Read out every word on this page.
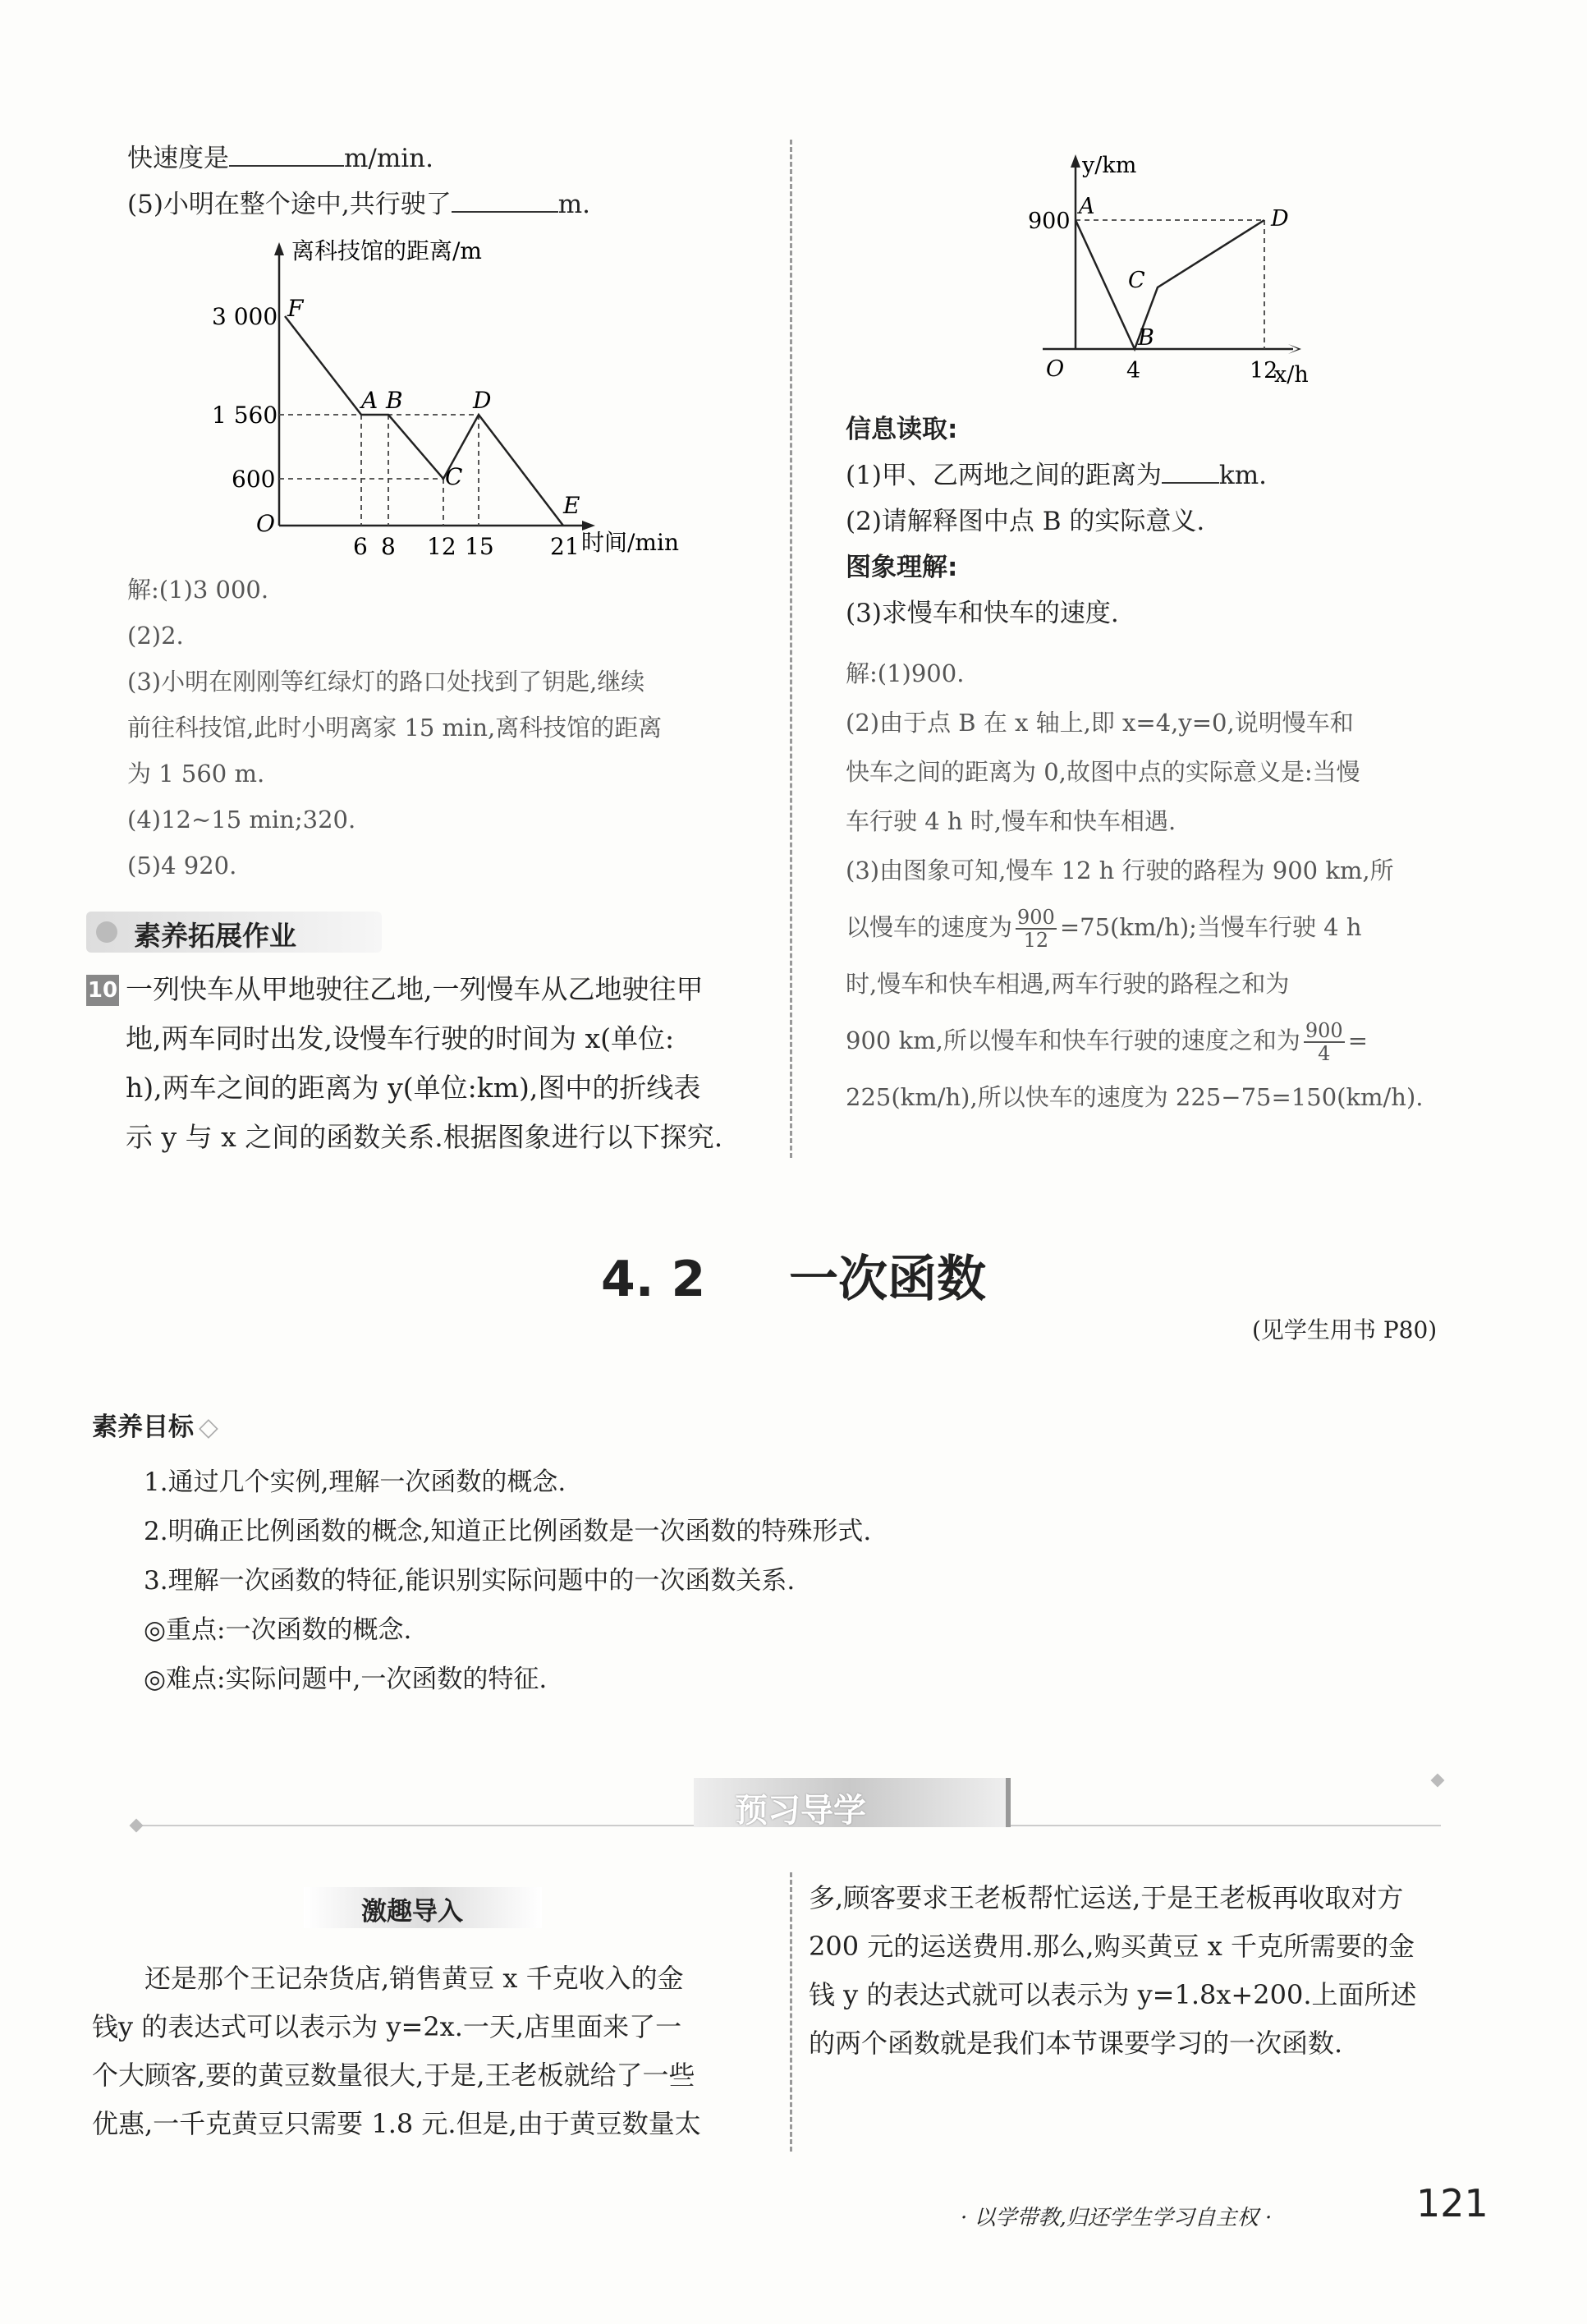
快速度是	m/min.
(5)小明在整个途中,共行驶了	m.
离科技馆的距离/m
时间/min
O
3 000
1 560
600
6 8 12 15 21
F
A B
C
D
E
解:(1)3 000.
(2)2.
(3)小明在刚刚等红绿灯的路口处找到了钥匙,继续
前往科技馆,此时小明离家 15 min,离科技馆的距离
为 1 560 m.
(4)12~15 min;320.
(5)4 920.
素养拓展作业
10 一列快车从甲地驶往乙地,一列慢车从乙地驶往甲
地,两车同时出发,设慢车行驶的时间为 x(单位:
h),两车之间的距离为 y(单位:km),图中的折线表
示 y 与 x 之间的函数关系.根据图象进行以下探究.
y/km
x/h
O
900
4	12
A
B
C
D
信息读取:
(1)甲、乙两地之间的距离为 km.
(2)请解释图中点 B 的实际意义.
图象理解:
(3)求慢车和快车的速度.
解:(1)900.
(2)由于点 B 在 x 轴上,即 x=4,y=0,说明慢车和
快车之间的距离为 0,故图中点的实际意义是:当慢
车行驶 4 h 时,慢车和快车相遇.
(3)由图象可知,慢车 12 h 行驶的路程为 900 km,所
以慢车的速度为 $\frac{900}{12} =75(km/h)$;当慢车行驶 4 h
时,慢车和快车相遇,两车行驶的路程之和为
900 km,所以慢车和快车行驶的速度之和为 $\frac{900}{4}$ =
225(km/h),所以快车的速度为 225−75=150(km/h).
4. 2 一次函数
(见学生用书 P80)
素养目标 ◇
1.通过几个实例,理解一次函数的概念.
2.明确正比例函数的概念,知道正比例函数是一次函数的特殊形式.
3.理解一次函数的特征,能识别实际问题中的一次函数关系.
◎重点:一次函数的概念.
◎难点:实际问题中,一次函数的特征.
预习导学
激趣导入
还是那个王记杂货店,销售黄豆 x 千克收入的金
钱y 的表达式可以表示为 y=2x.一天,店里面来了一
个大顾客,要的黄豆数量很大,于是,王老板就给了一些
优惠,一千克黄豆只需要 1.8 元.但是,由于黄豆数量太
多,顾客要求王老板帮忙运送,于是王老板再收取对方
200 元的运送费用.那么,购买黄豆 x 千克所需要的金
钱 y 的表达式就可以表示为 y=1.8x+200.上面所述
的两个函数就是我们本节课要学习的一次函数.
· 以学带教,归还学生学习自主权 ·	121
